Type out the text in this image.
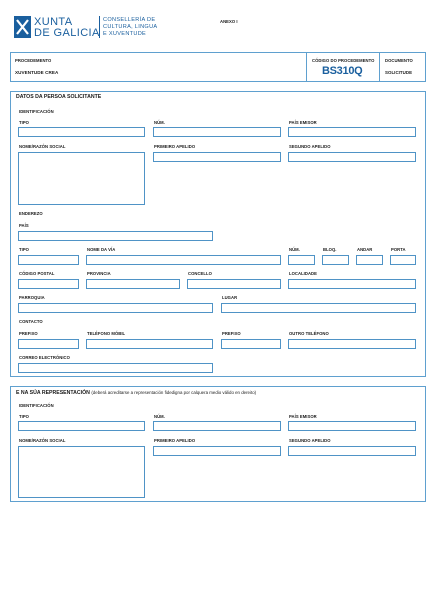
XUNTA
DE GALICIA
CONSELLERÍA DE
CULTURA, LINGUA
E XUVENTUDE
ANEXO I
PROCEDEMENTO
XUVENTUDE CREA
CÓDIGO DO PROCEDEMENTO
BS310Q
DOCUMENTO
SOLICITUDE
DATOS DA PERSOA SOLICITANTE
IDENTIFICACIÓN
TIPO	NÚM.	PAÍS EMISOR
NOME/RAZÓN SOCIAL	PRIMEIRO APELIDO	SEGUNDO APELIDO
ENDEREZO
PAÍS
TIPO	NOME DA VÍA	NÚM.	BLOQ.	ANDAR	PORTA
CÓDIGO POSTAL	PROVINCIA	CONCELLO	LOCALIDADE
PARROQUIA	LUGAR
CONTACTO
PREFIXO	TELÉFONO MÓBIL	PREFIXO	OUTRO TELÉFONO
CORREO ELECTRÓNICO
E NA SÚA REPRESENTACIÓN (deberá acreditarse a representación fidedigna por calquera medio válido en dereito)
IDENTIFICACIÓN
TIPO	NÚM.	PAÍS EMISOR
NOME/RAZÓN SOCIAL	PRIMEIRO APELIDO	SEGUNDO APELIDO
